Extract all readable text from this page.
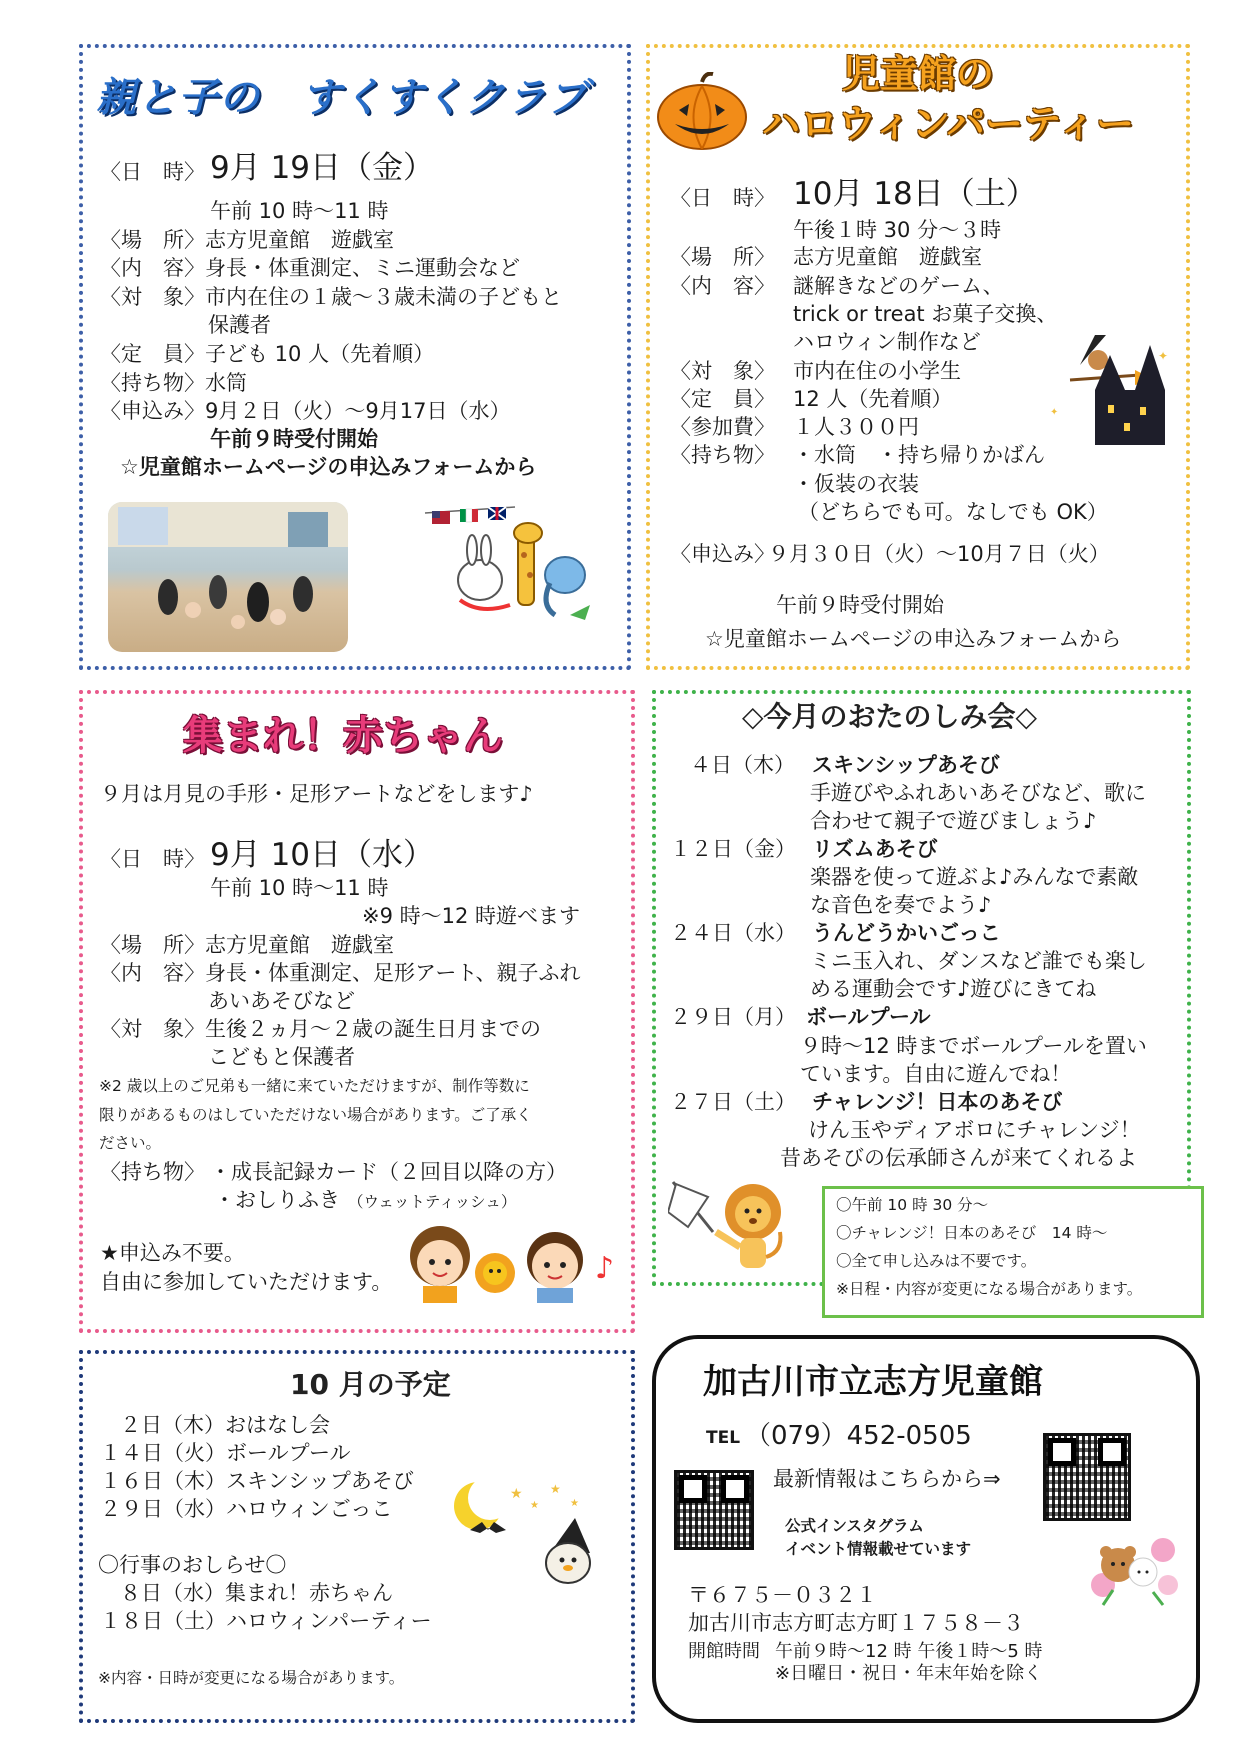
親と子の　すくすくクラブ
〈日　時〉 9月 19日（金）
午前 10 時～11 時
〈場　所〉 志方児童館　遊戯室
〈内　容〉 身長・体重測定、ミニ運動会など
〈対　象〉 市内在住の１歳～３歳未満の子どもと
保護者
〈定　員〉 子ども 10 人（先着順）
〈持ち物〉 水筒
〈申込み〉 9月２日（火）～9月17日（水）
午前９時受付開始
☆児童館ホームページの申込みフォームから
児童館の
ハロウィンパーティー
〈日　時〉 10月 18日（土）
午後１時 30 分～３時
〈場　所〉 志方児童館　遊戯室
〈内　容〉 謎解きなどのゲーム、
trick or treat お菓子交換、
ハロウィン制作など
〈対　象〉 市内在住の小学生
〈定　員〉 12 人（先着順）
〈参加費〉 １人３００円
〈持ち物〉 ・水筒　・持ち帰りかばん
・仮装の衣装
（どちらでも可。なしでも OK）
〈申込み〉
９月３０日（火）～10月７日（火）
午前９時受付開始
☆児童館ホームページの申込みフォームから
✦
✦
集まれ！赤ちゃん
９月は月見の手形・足形アートなどをします♪
〈日　時〉 9月 10日（水）
午前 10 時～11 時
※9 時～12 時遊べます
〈場　所〉 志方児童館　遊戯室
〈内　容〉 身長・体重測定、足形アート、親子ふれ
あいあそびなど
〈対　象〉 生後２ヵ月～２歳の誕生日月までの
こどもと保護者
※2 歳以上のご兄弟も一緒に来ていただけますが、制作等数に
限りがあるものはしていただけない場合があります。ご了承く
ださい。
〈持ち物〉 ・成長記録カード（２回目以降の方）
・おしりふき （ウェットティッシュ）
★申込み不要。
自由に参加していただけます。	♪
◇今月のおたのしみ会◇
４日（木） スキンシップあそび
手遊びやふれあいあそびなど、歌に
合わせて親子で遊びましょう♪
１２日（金） リズムあそび
楽器を使って遊ぶよ♪みんなで素敵
な音色を奏でよう♪
２４日（水） うんどうかいごっこ
ミニ玉入れ、ダンスなど誰でも楽し
める運動会です♪遊びにきてね
２９日（月） ボールプール
９時～12 時までボールプールを置い
ています。自由に遊んでね！
２７日（土） チャレンジ！日本のあそび
けん玉やディアボロにチャレンジ！
昔あそびの伝承師さんが来てくれるよ
〇午前 10 時 30 分～
〇チャレンジ！日本のあそび　14 時～
〇全て申し込みは不要です。
※日程・内容が変更になる場合があります。
10 月の予定
２日（木）おはなし会
１４日（火）ボールプール
１６日（木）スキンシップあそび
２９日（水）ハロウィンごっこ
〇行事のおしらせ〇
８日（水）集まれ！赤ちゃん
１８日（土）ハロウィンパーティー
※内容・日時が変更になる場合があります。
★
★
★
★
加古川市立志方児童館
TEL （079）452-0505
最新情報はこちらから⇒
公式インスタグラム
イベント情報載せています
〒６７５－０３２１
加古川市志方町志方町１７５８－３
開館時間 午前９時～12 時 午後１時～5 時
※日曜日・祝日・年末年始を除く
